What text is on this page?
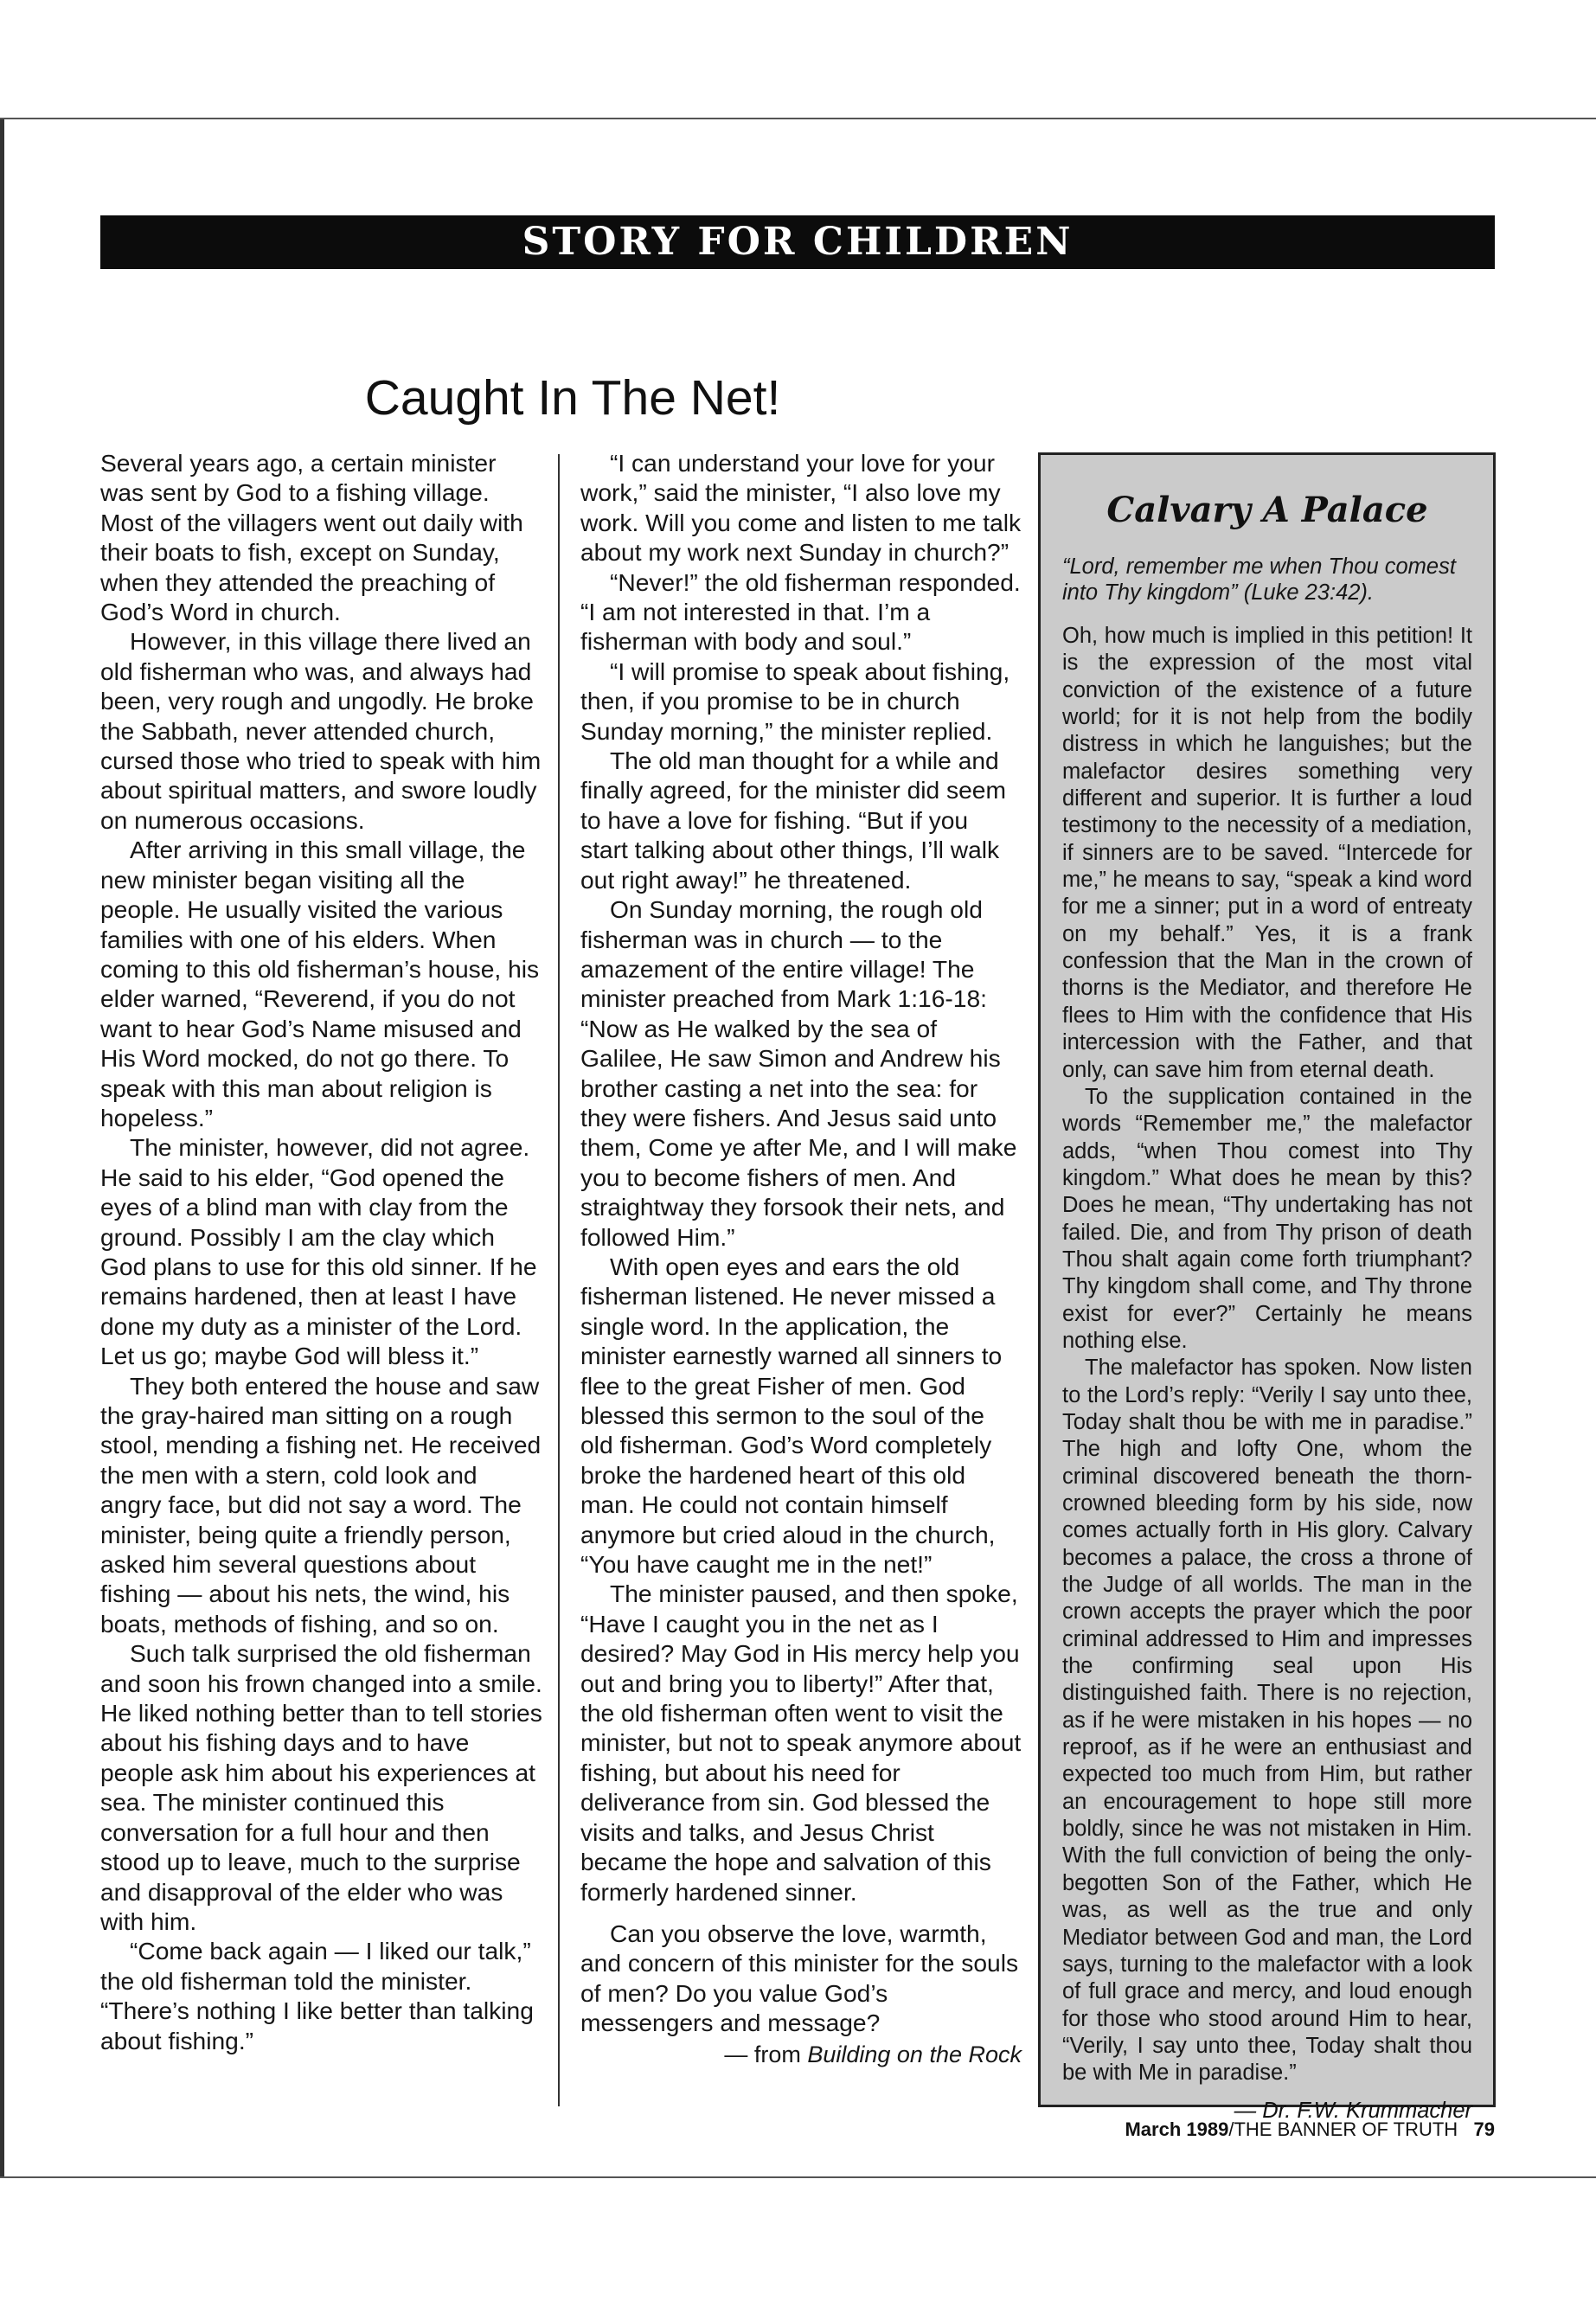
STORY FOR CHILDREN
Caught In The Net!

Several years ago, a certain minister was sent by God to a fishing village. Most of the villagers went out daily with their boats to fish, except on Sunday, when they attended the preaching of God’s Word in church.

However, in this village there lived an old fisherman who was, and always had been, very rough and ungodly. He broke the Sabbath, never attended church, cursed those who tried to speak with him about spiritual matters, and swore loudly on numerous occasions.

After arriving in this small village, the new minister began visiting all the people. He usually visited the various families with one of his elders. When coming to this old fisherman’s house, his elder warned, “Reverend, if you do not want to hear God’s Name misused and His Word mocked, do not go there. To speak with this man about religion is hopeless.”

The minister, however, did not agree. He said to his elder, “God opened the eyes of a blind man with clay from the ground. Possibly I am the clay which God plans to use for this old sinner. If he remains hardened, then at least I have done my duty as a minister of the Lord. Let us go; maybe God will bless it.”

They both entered the house and saw the gray-haired man sitting on a rough stool, mending a fishing net. He received the men with a stern, cold look and angry face, but did not say a word. The minister, being quite a friendly person, asked him several questions about fishing — about his nets, the wind, his boats, methods of fishing, and so on.

Such talk surprised the old fisherman and soon his frown changed into a smile. He liked nothing better than to tell stories about his fishing days and to have people ask him about his experiences at sea. The minister continued this conversation for a full hour and then stood up to leave, much to the surprise and disapproval of the elder who was with him.

“Come back again — I liked our talk,” the old fisherman told the minister. “There’s nothing I like better than talking about fishing.”

“I can understand your love for your work,” said the minister, “I also love my work. Will you come and listen to me talk about my work next Sunday in church?”

“Never!” the old fisherman responded. “I am not interested in that. I’m a fisherman with body and soul.”

“I will promise to speak about fishing, then, if you promise to be in church Sunday morning,” the minister replied.

The old man thought for a while and finally agreed, for the minister did seem to have a love for fishing. “But if you start talking about other things, I’ll walk out right away!” he threatened.

On Sunday morning, the rough old fisherman was in church — to the amazement of the entire village! The minister preached from Mark 1:16-18: “Now as He walked by the sea of Galilee, He saw Simon and Andrew his brother casting a net into the sea: for they were fishers. And Jesus said unto them, Come ye after Me, and I will make you to become fishers of men. And straightway they forsook their nets, and followed Him.”

With open eyes and ears the old fisherman listened. He never missed a single word. In the application, the minister earnestly warned all sinners to flee to the great Fisher of men. God blessed this sermon to the soul of the old fisherman. God’s Word completely broke the hardened heart of this old man. He could not contain himself anymore but cried aloud in the church, “You have caught me in the net!”

The minister paused, and then spoke, “Have I caught you in the net as I desired? May God in His mercy help you out and bring you to liberty!” After that, the old fisherman often went to visit the minister, but not to speak anymore about fishing, but about his need for deliverance from sin. God blessed the visits and talks, and Jesus Christ became the hope and salvation of this formerly hardened sinner.

Can you observe the love, warmth, and concern of this minister for the souls of men? Do you value God’s messengers and message?

— from Building on the Rock

Calvary A Palace
“Lord, remember me when Thou comest into Thy kingdom” (Luke 23:42).

Oh, how much is implied in this petition! It is the expression of the most vital conviction of the existence of a future world; for it is not help from the bodily distress in which he languishes; but the malefactor desires something very different and superior. It is further a loud testimony to the necessity of a mediation, if sinners are to be saved. “Intercede for me,” he means to say, “speak a kind word for me a sinner; put in a word of entreaty on my behalf.” Yes, it is a frank confession that the Man in the crown of thorns is the Mediator, and therefore He flees to Him with the confidence that His intercession with the Father, and that only, can save him from eternal death.

To the supplication contained in the words “Remember me,” the malefactor adds, “when Thou comest into Thy kingdom.” What does he mean by this? Does he mean, “Thy undertaking has not failed. Die, and from Thy prison of death Thou shalt again come forth triumphant? Thy kingdom shall come, and Thy throne exist for ever?” Certainly he means nothing else.

The malefactor has spoken. Now listen to the Lord’s reply: “Verily I say unto thee, Today shalt thou be with me in paradise.” The high and lofty One, whom the criminal discovered beneath the thorn-crowned bleeding form by his side, now comes actually forth in His glory. Calvary becomes a palace, the cross a throne of the Judge of all worlds. The man in the crown accepts the prayer which the poor criminal addressed to Him and impresses the confirming seal upon His distinguished faith. There is no rejection, as if he were mistaken in his hopes — no reproof, as if he were an enthusiast and expected too much from Him, but rather an encouragement to hope still more boldly, since he was not mistaken in Him. With the full conviction of being the only-begotten Son of the Father, which He was, as well as the true and only Mediator between God and man, the Lord says, turning to the malefactor with a look of full grace and mercy, and loud enough for those who stood around Him to hear, “Verily, I say unto thee, Today shalt thou be with Me in paradise.”

— Dr. F.W. Krummacher
March 1989/THE BANNER OF TRUTH 79
